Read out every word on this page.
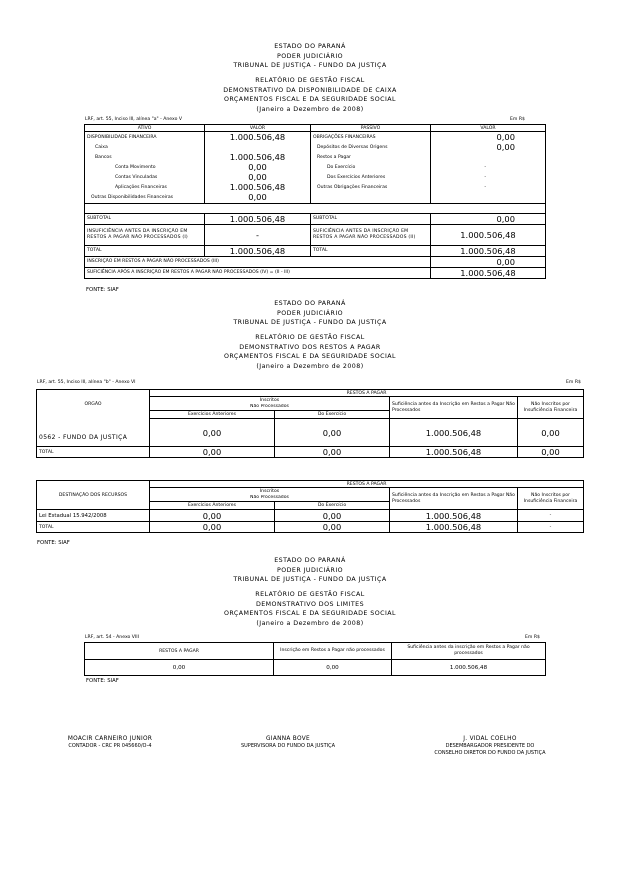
ESTADO DO PARANÁ
PODER JUDICIÁRIO
TRIBUNAL DE JUSTIÇA - FUNDO DA JUSTIÇA
RELATÓRIO DE GESTÃO FISCAL
DEMONSTRATIVO DA DISPONIBILIDADE DE CAIXA
ORÇAMENTOS FISCAL E DA SEGURIDADE SOCIAL
(Janeiro a Dezembro de 2008)
LRF, art. 55, Inciso III, alínea "a" - Anexo V	Em R$
ATIVO	VALOR	PASSIVO	VALOR
DISPONIBILIDADE FINANCEIRA	1.000.506,48	OBRIGAÇÕES FINANCEIRAS	0,00
Caixa		Depósitos de Diversas Origens	0,00
Bancos	1.000.506,48	Restos a Pagar	
Conta Movimento	0,00	Do Exercício	-
Contas Vinculadas	0,00	Dos Exercícios Anteriores	-
Aplicações Financeiras	1.000.506,48	Outras Obrigações Financeiras	-
Outras Disponibilidades Financeiras	0,00		

SUBTOTAL	1.000.506,48	SUBTOTAL	0,00
INSUFICIÊNCIA ANTES DA INSCRIÇÃO EM RESTOS A PAGAR NÃO PROCESSADOS (I)	-	SUFICIÊNCIA ANTES DA INSCRIÇÃO EM RESTOS A PAGAR NÃO PROCESSADOS (II)	1.000.506,48
TOTAL	1.000.506,48	TOTAL	1.000.506,48
INSCRIÇÃO EM RESTOS A PAGAR NÃO PROCESSADOS (III)			0,00
SUFICIÊNCIA APÓS A INSCRIÇÃO EM RESTOS A PAGAR NÃO PROCESSADOS (IV) = (II - III)			1.000.506,48
FONTE: SIAF
ESTADO DO PARANÁ
PODER JUDICIÁRIO
TRIBUNAL DE JUSTIÇA - FUNDO DA JUSTIÇA
RELATÓRIO DE GESTÃO FISCAL
DEMONSTRATIVO DOS RESTOS A PAGAR
ORÇAMENTOS FISCAL E DA SEGURIDADE SOCIAL
(Janeiro a Dezembro de 2008)
LRF, art. 55, Inciso III, alínea "b" - Anexo VI	Em R$
ORGÃO	RESTOS A PAGAR			
	Inscritos		Suficiência antes da Inscrição em Restos a Pagar Não Processados	Não Inscritos por Insuficiência Financeira
	Não Processados			
	Exercícios Anteriores	Do Exercício		
0562 - FUNDO DA JUSTIÇA	0,00	0,00	1.000.506,48	0,00
TOTAL	0,00	0,00	1.000.506,48	0,00
DESTINAÇÃO DOS RECURSOS	RESTOS A PAGAR			
	Inscritos		Suficiência antes da Inscrição em Restos a Pagar Não Processados	Não Inscritos por Insuficiência Financeira
	Não Processados			
	Exercícios Anteriores	Do Exercício		
Lei Estadual 15.942/2008	0,00	0,00	1.000.506,48	-
TOTAL	0,00	0,00	1.000.506,48	-
FONTE: SIAF
ESTADO DO PARANÁ
PODER JUDICIÁRIO
TRIBUNAL DE JUSTIÇA - FUNDO DA JUSTIÇA
RELATÓRIO DE GESTÃO FISCAL
DEMONSTRATIVO DOS LIMITES
ORÇAMENTOS FISCAL E DA SEGURIDADE SOCIAL
(Janeiro a Dezembro de 2008)
LRF, art. 54 - Anexo VIII	Em R$
RESTOS A PAGAR	Inscrição em Restos a Pagar não processados	Suficiência antes da inscrição em Restos a Pagar não processados
0,00	0,00	1.000.506,48
FONTE: SIAF
MOACIR CARNEIRO JUNIOR
CONTADOR - CRC PR 045660/O-4
GIANNA BOVE
SUPERVISORA DO FUNDO DA JUSTIÇA
J. VIDAL COELHO
DESEMBARGADOR PRESIDENTE DO
CONSELHO DIRETOR DO FUNDO DA JUSTIÇA
